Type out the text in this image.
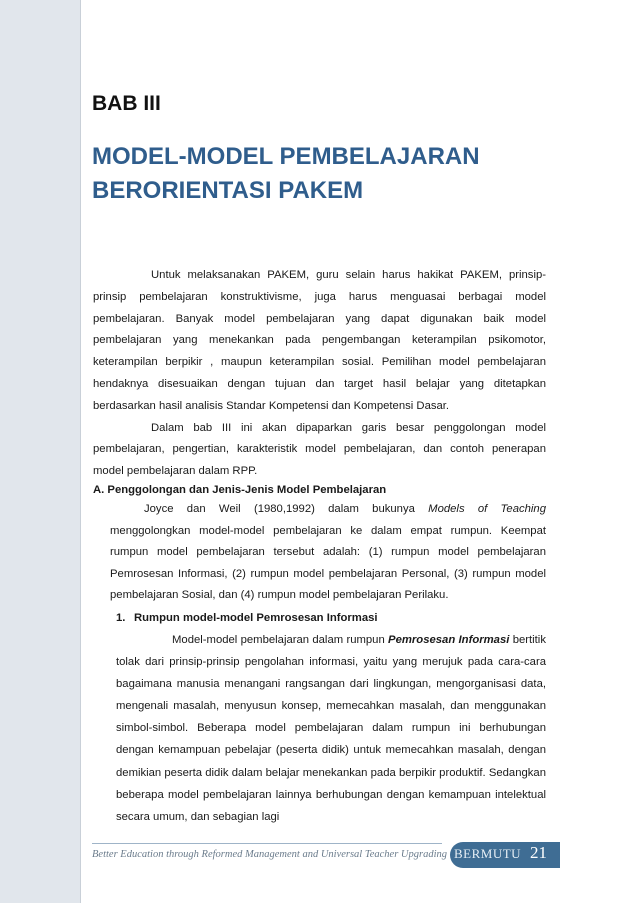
BAB III
MODEL-MODEL PEMBELAJARAN
BERORIENTASI PAKEM

Untuk melaksanakan PAKEM, guru selain harus hakikat PAKEM, prinsip-prinsip pembelajaran konstruktivisme, juga harus menguasai berbagai model pembelajaran. Banyak model pembelajaran yang dapat digunakan baik model pembelajaran yang menekankan pada pengembangan keterampilan psikomotor, keterampilan berpikir , maupun keterampilan sosial. Pemilihan model pembelajaran hendaknya disesuaikan dengan tujuan dan target hasil belajar yang ditetapkan berdasarkan hasil analisis Standar Kompetensi dan Kompetensi Dasar.

Dalam bab III ini akan dipaparkan garis besar penggolongan model pembelajaran, pengertian, karakteristik model pembelajaran, dan contoh penerapan model pembelajaran dalam RPP.

A. Penggolongan dan Jenis-Jenis Model Pembelajaran

Joyce dan Weil (1980,1992) dalam bukunya Models of Teaching menggolongkan model-model pembelajaran ke dalam empat rumpun. Keempat rumpun model pembelajaran tersebut adalah: (1) rumpun model pembelajaran Pemrosesan Informasi, (2) rumpun model pembelajaran Personal, (3) rumpun model pembelajaran Sosial, dan (4) rumpun model pembelajaran Perilaku.

1. Rumpun model-model Pemrosesan Informasi

Model-model pembelajaran dalam rumpun Pemrosesan Informasi bertitik tolak dari prinsip-prinsip pengolahan informasi, yaitu yang merujuk pada cara-cara bagaimana manusia menangani rangsangan dari lingkungan, mengorganisasi data, mengenali masalah, menyusun konsep, memecahkan masalah, dan menggunakan simbol-simbol. Beberapa model pembelajaran dalam rumpun ini berhubungan dengan kemampuan pebelajar (peserta didik) untuk memecahkan masalah, dengan demikian peserta didik dalam belajar menekankan pada berpikir produktif. Sedangkan beberapa model pembelajaran lainnya berhubungan dengan kemampuan intelektual secara umum, dan sebagian lagi

Better Education through Reformed Management and Universal Teacher Upgrading BERMUTU 21
